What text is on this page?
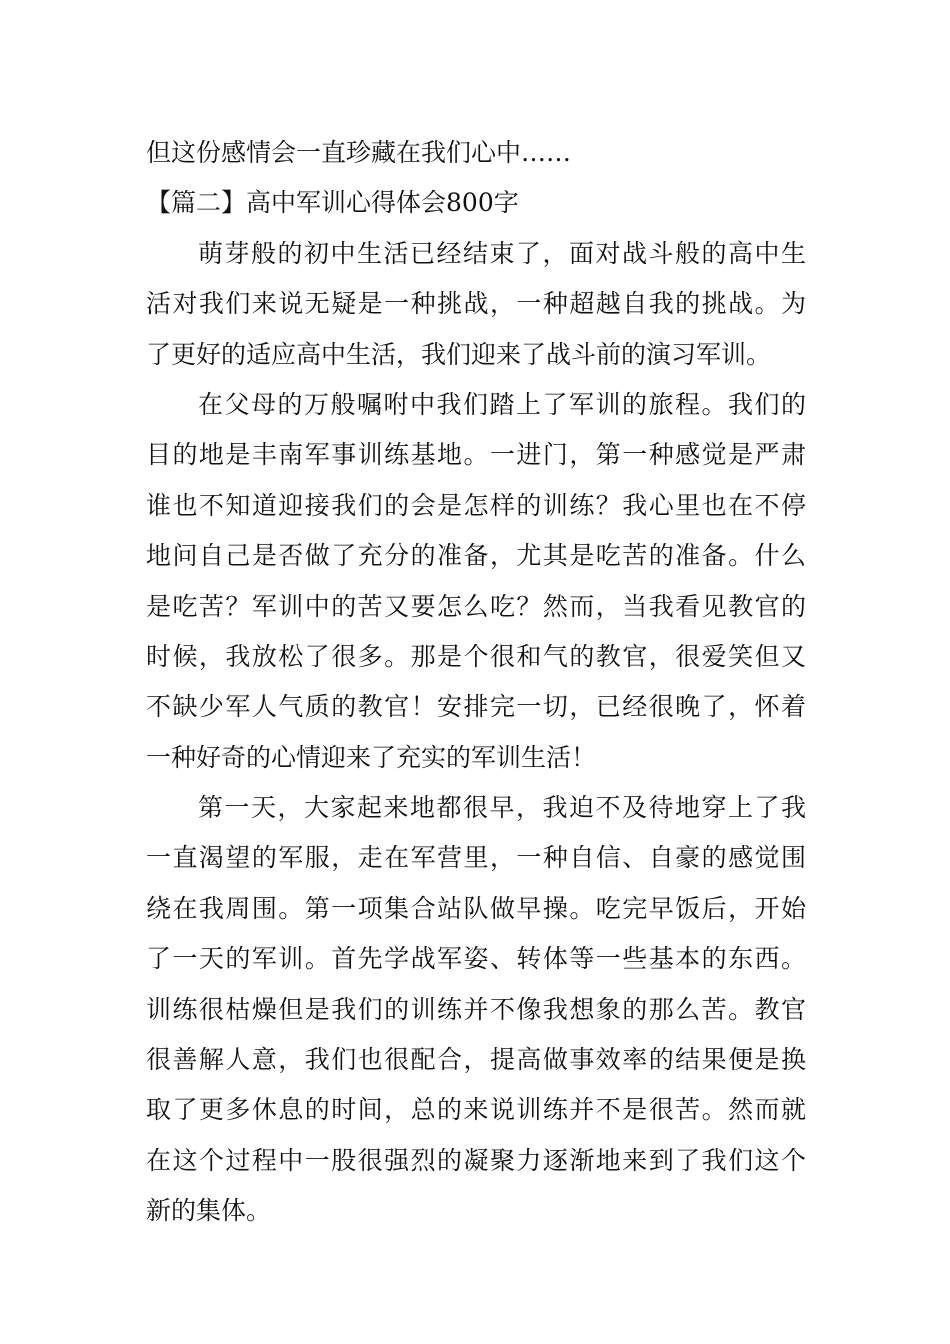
但这份感情会一直珍藏在我们心中……
【篇二】高中军训心得体会800字
萌芽般的初中生活已经结束了，面对战斗般的高中生
活对我们来说无疑是一种挑战，一种超越自我的挑战。为
了更好的适应高中生活，我们迎来了战斗前的演习军训。
在父母的万般嘱咐中我们踏上了军训的旅程。我们的
目的地是丰南军事训练基地。一进门，第一种感觉是严肃
谁也不知道迎接我们的会是怎样的训练？我心里也在不停
地问自己是否做了充分的准备，尤其是吃苦的准备。什么
是吃苦？军训中的苦又要怎么吃？然而，当我看见教官的
时候，我放松了很多。那是个很和气的教官，很爱笑但又
不缺少军人气质的教官！安排完一切，已经很晚了，怀着
一种好奇的心情迎来了充实的军训生活！
第一天，大家起来地都很早，我迫不及待地穿上了我
一直渴望的军服，走在军营里，一种自信、自豪的感觉围
绕在我周围。第一项集合站队做早操。吃完早饭后，开始
了一天的军训。首先学战军姿、转体等一些基本的东西。
训练很枯燥但是我们的训练并不像我想象的那么苦。教官
很善解人意，我们也很配合，提高做事效率的结果便是换
取了更多休息的时间，总的来说训练并不是很苦。然而就
在这个过程中一股很强烈的凝聚力逐渐地来到了我们这个
新的集体。
